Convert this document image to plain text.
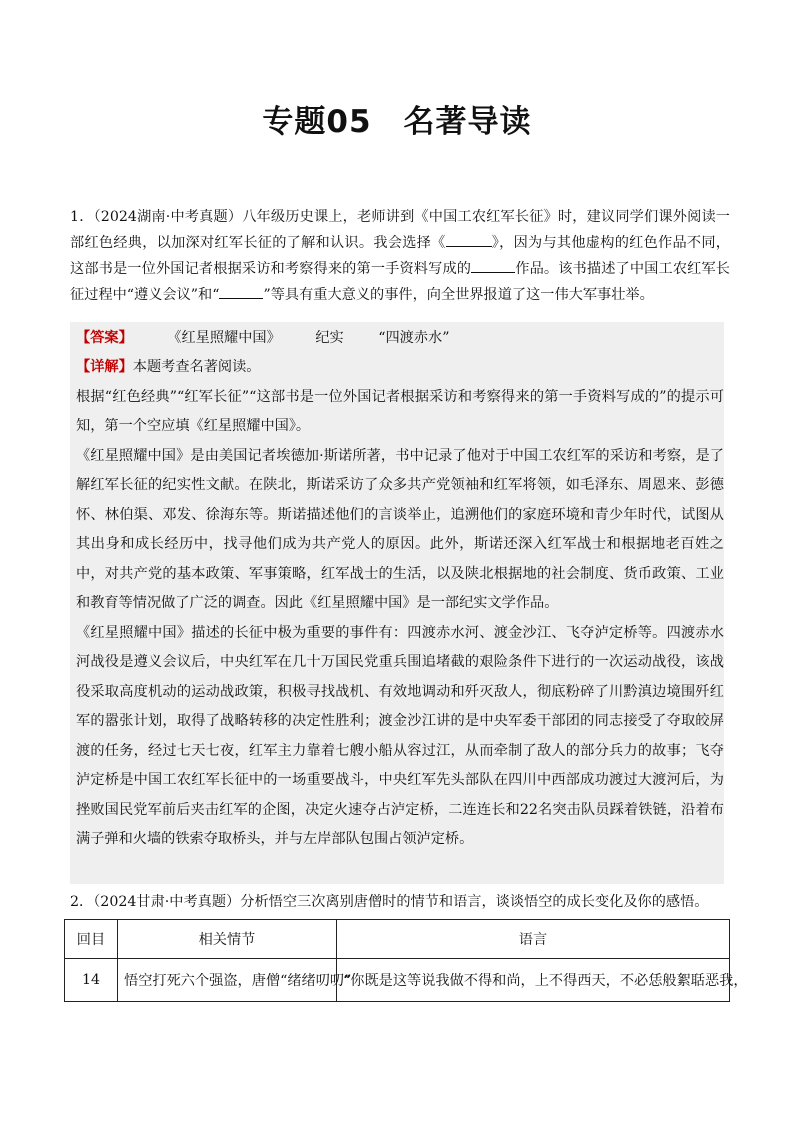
专题05　名著导读
1．（2024湖南·中考真题）八年级历史课上，老师讲到《中国工农红军长征》时，建议同学们课外阅读一部红色经典，以加深对红军长征的了解和认识。我会选择《	》，因为与其他虚构的红色作品不同，这部书是一位外国记者根据采访和考察得来的第一手资料写成的	作品。该书描述了中国工农红军长征过程中“遵义会议”和“	”等具有重大意义的事件，向全世界报道了这一伟大军事壮举。
【答案】 《红星照耀中国》 纪实 “四渡赤水”
【详解】本题考查名著阅读。
根据“红色经典”“红军长征”“这部书是一位外国记者根据采访和考察得来的第一手资料写成的”的提示可知，第一个空应填《红星照耀中国》。
《红星照耀中国》是由美国记者埃德加·斯诺所著，书中记录了他对于中国工农红军的采访和考察，是了解红军长征的纪实性文献。在陕北，斯诺采访了众多共产党领袖和红军将领，如毛泽东、周恩来、彭德怀、林伯渠、邓发、徐海东等。斯诺描述他们的言谈举止，追溯他们的家庭环境和青少年时代，试图从其出身和成长经历中，找寻他们成为共产党人的原因。此外，斯诺还深入红军战士和根据地老百姓之中，对共产党的基本政策、军事策略，红军战士的生活，以及陕北根据地的社会制度、货币政策、工业和教育等情况做了广泛的调查。因此《红星照耀中国》是一部纪实文学作品。
《红星照耀中国》描述的长征中极为重要的事件有：四渡赤水河、渡金沙江、飞夺泸定桥等。四渡赤水河战役是遵义会议后，中央红军在几十万国民党重兵围追堵截的艰险条件下进行的一次运动战役，该战役采取高度机动的运动战政策，积极寻找战机、有效地调动和歼灭敌人，彻底粉碎了川黔滇边境围歼红军的嚣张计划，取得了战略转移的决定性胜利；渡金沙江讲的是中央军委干部团的同志接受了夺取皎屏渡的任务，经过七天七夜，红军主力靠着七艘小船从容过江，从而牵制了敌人的部分兵力的故事；飞夺泸定桥是中国工农红军长征中的一场重要战斗，中央红军先头部队在四川中西部成功渡过大渡河后，为挫败国民党军前后夹击红军的企图，决定火速夺占泸定桥，二连连长和22名突击队员踩着铁链，沿着布满子弹和火墙的铁索夺取桥头，并与左岸部队包围占领泸定桥。
2．（2024甘肃·中考真题）分析悟空三次离别唐僧时的情节和语言，谈谈悟空的成长变化及你的感悟。
回目	相关情节	语言
14	悟空打死六个强盗，唐僧“绪绪叨叨”	“你既是这等说我做不得和尚，上不得西天，不必恁般絮聒恶我，
